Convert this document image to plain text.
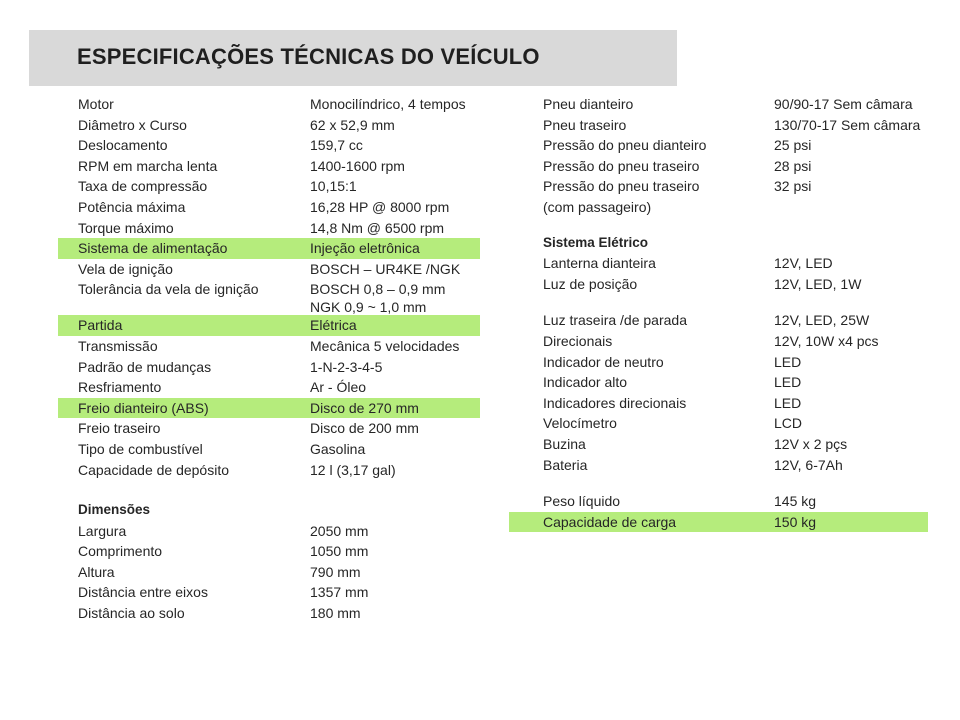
ESPECIFICAÇÕES TÉCNICAS DO VEÍCULO
Motor	Monocilíndrico, 4 tempos
Diâmetro x Curso	62 x 52,9 mm
Deslocamento	159,7 cc
RPM em marcha lenta	1400-1600 rpm
Taxa de compressão	10,15:1
Potência máxima	16,28 HP @ 8000 rpm
Torque máximo	14,8 Nm @ 6500 rpm
Sistema de alimentação	Injeção eletrônica
Vela de ignição	BOSCH – UR4KE /NGK
Tolerância da vela de ignição	BOSCH 0,8 – 0,9 mm
NGK 0,9 ~ 1,0 mm
Partida	Elétrica
Transmissão	Mecânica 5 velocidades
Padrão de mudanças	1-N-2-3-4-5
Resfriamento	Ar - Óleo
Freio dianteiro (ABS)	Disco de 270 mm
Freio traseiro	Disco de 200 mm
Tipo de combustível	Gasolina
Capacidade de depósito	12 l (3,17 gal)
Dimensões
Largura	2050 mm
Comprimento	1050 mm
Altura	790 mm
Distância entre eixos	1357 mm
Distância ao solo	180 mm
Pneu dianteiro	90/90-17 Sem câmara
Pneu traseiro	130/70-17 Sem câmara
Pressão do pneu dianteiro	25 psi
Pressão do pneu traseiro	28 psi
Pressão do pneu traseiro	32 psi
(com passageiro)
Sistema Elétrico
Lanterna dianteira	12V, LED
Luz de posição	12V, LED, 1W
Luz traseira /de parada	12V, LED, 25W
Direcionais	12V, 10W x4 pcs
Indicador de neutro	LED
Indicador alto	LED
Indicadores direcionais	LED
Velocímetro	LCD
Buzina	12V x 2 pçs
Bateria	12V, 6-7Ah
Peso líquido	145 kg
Capacidade de carga	150 kg
